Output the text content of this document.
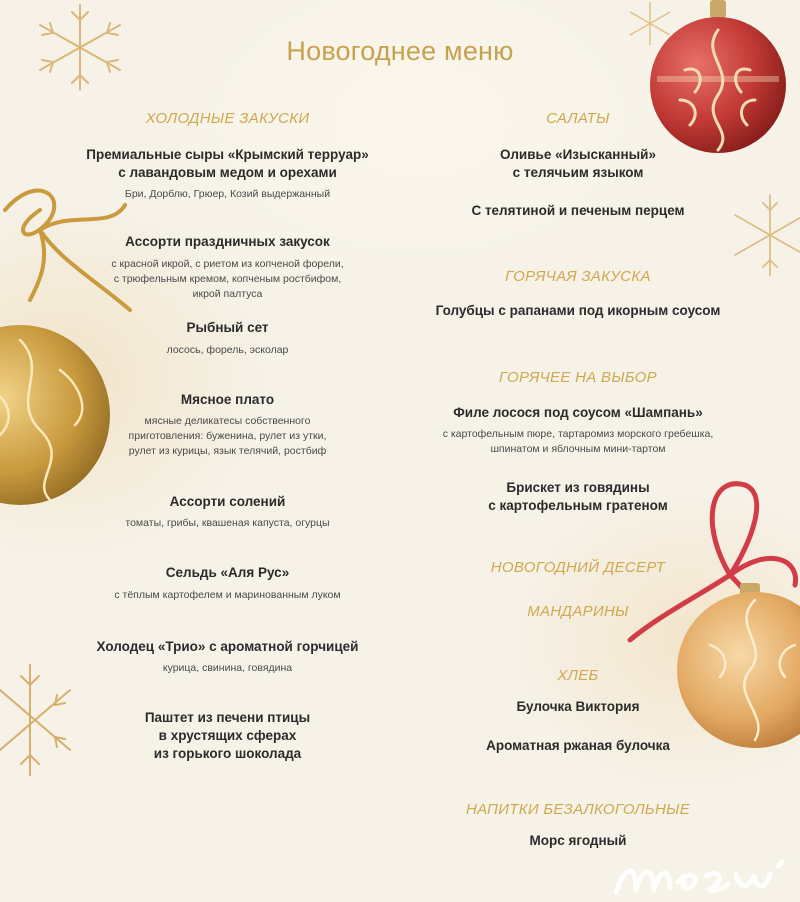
Новогоднее меню
ХОЛОДНЫЕ ЗАКУСКИ
Премиальные сыры «Крымский терруар»
с лавандовым медом и орехами
Бри, Дорблю, Грюер, Козий выдержанный
Ассорти праздничных закусок
с красной икрой, с риетом из копченой форели,
с трюфельным кремом, копченым ростбифом,
икрой палтуса
Рыбный сет
лосось, форель, эсколар
Мясное плато
мясные деликатесы собственного
приготовления: буженина, рулет из утки,
рулет из курицы, язык телячий, ростбиф
Ассорти солений
томаты, грибы, квашеная капуста, огурцы
Сельдь «Аля Рус»
с тёплым картофелем и маринованным луком
Холодец «Трио» с ароматной горчицей
курица, свинина, говядина
Паштет из печени птицы
в хрустящих сферах
из горького шоколада
САЛАТЫ
Оливье «Изысканный»
с телячьим языком
С телятиной и печеным перцем
ГОРЯЧАЯ ЗАКУСКА
Голубцы с рапанами под икорным соусом
ГОРЯЧЕЕ НА ВЫБОР
Филе лосося под соусом «Шампань»
с картофельным пюре, тартаромиз морского гребешка,
шпинатом и яблочным мини-тартом
Брискет из говядины
с картофельным гратеном
НОВОГОДНИЙ ДЕСЕРТ
МАНДАРИНЫ
ХЛЕБ
Булочка Виктория
Ароматная ржаная булочка
НАПИТКИ БЕЗАЛКОГОЛЬНЫЕ
Морс ягодный
